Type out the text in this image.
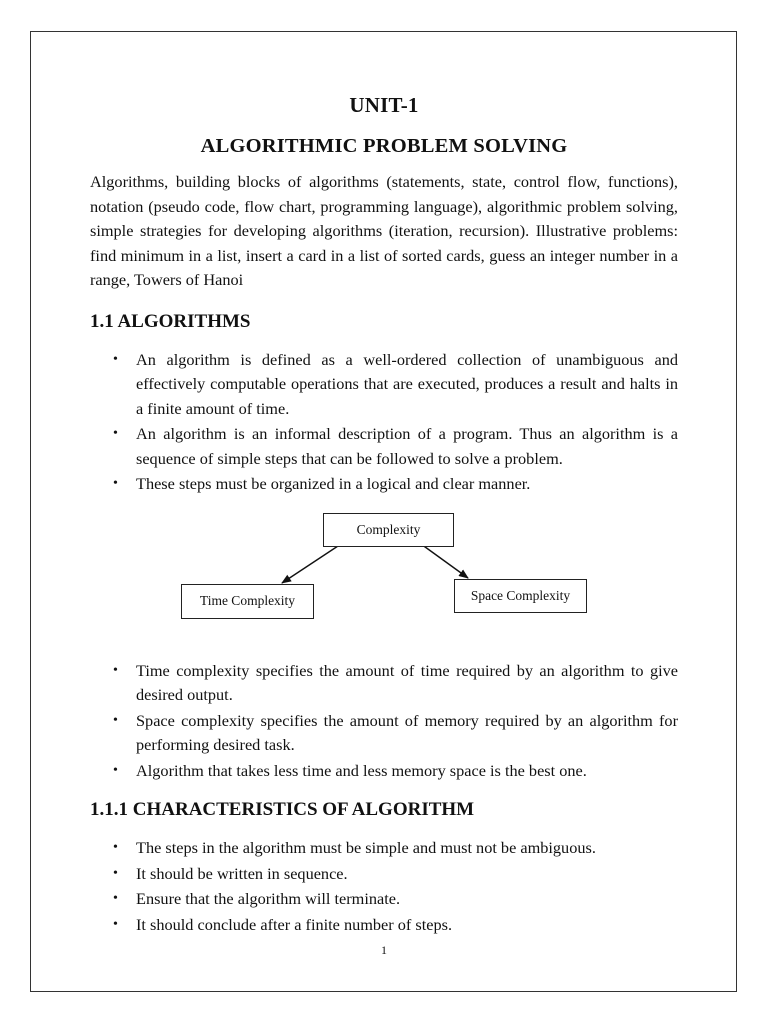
UNIT-1
ALGORITHMIC PROBLEM SOLVING

Algorithms, building blocks of algorithms (statements, state, control flow, functions), notation (pseudo code, flow chart, programming language), algorithmic problem solving, simple strategies for developing algorithms (iteration, recursion). Illustrative problems: find minimum in a list, insert a card in a list of sorted cards, guess an integer number in a range, Towers of Hanoi

1.1 ALGORITHMS
• An algorithm is defined as a well-ordered collection of unambiguous and effectively computable operations that are executed, produces a result and halts in a finite amount of time.
• An algorithm is an informal description of a program. Thus an algorithm is a sequence of simple steps that can be followed to solve a problem.
• These steps must be organized in a logical and clear manner.
Complexity
Time Complexity	Space Complexity
• Time complexity specifies the amount of time required by an algorithm to give desired output.
• Space complexity specifies the amount of memory required by an algorithm for performing desired task.
• Algorithm that takes less time and less memory space is the best one.
1.1.1 CHARACTERISTICS OF ALGORITHM
• The steps in the algorithm must be simple and must not be ambiguous.
• It should be written in sequence.
• Ensure that the algorithm will terminate.
• It should conclude after a finite number of steps.
1
